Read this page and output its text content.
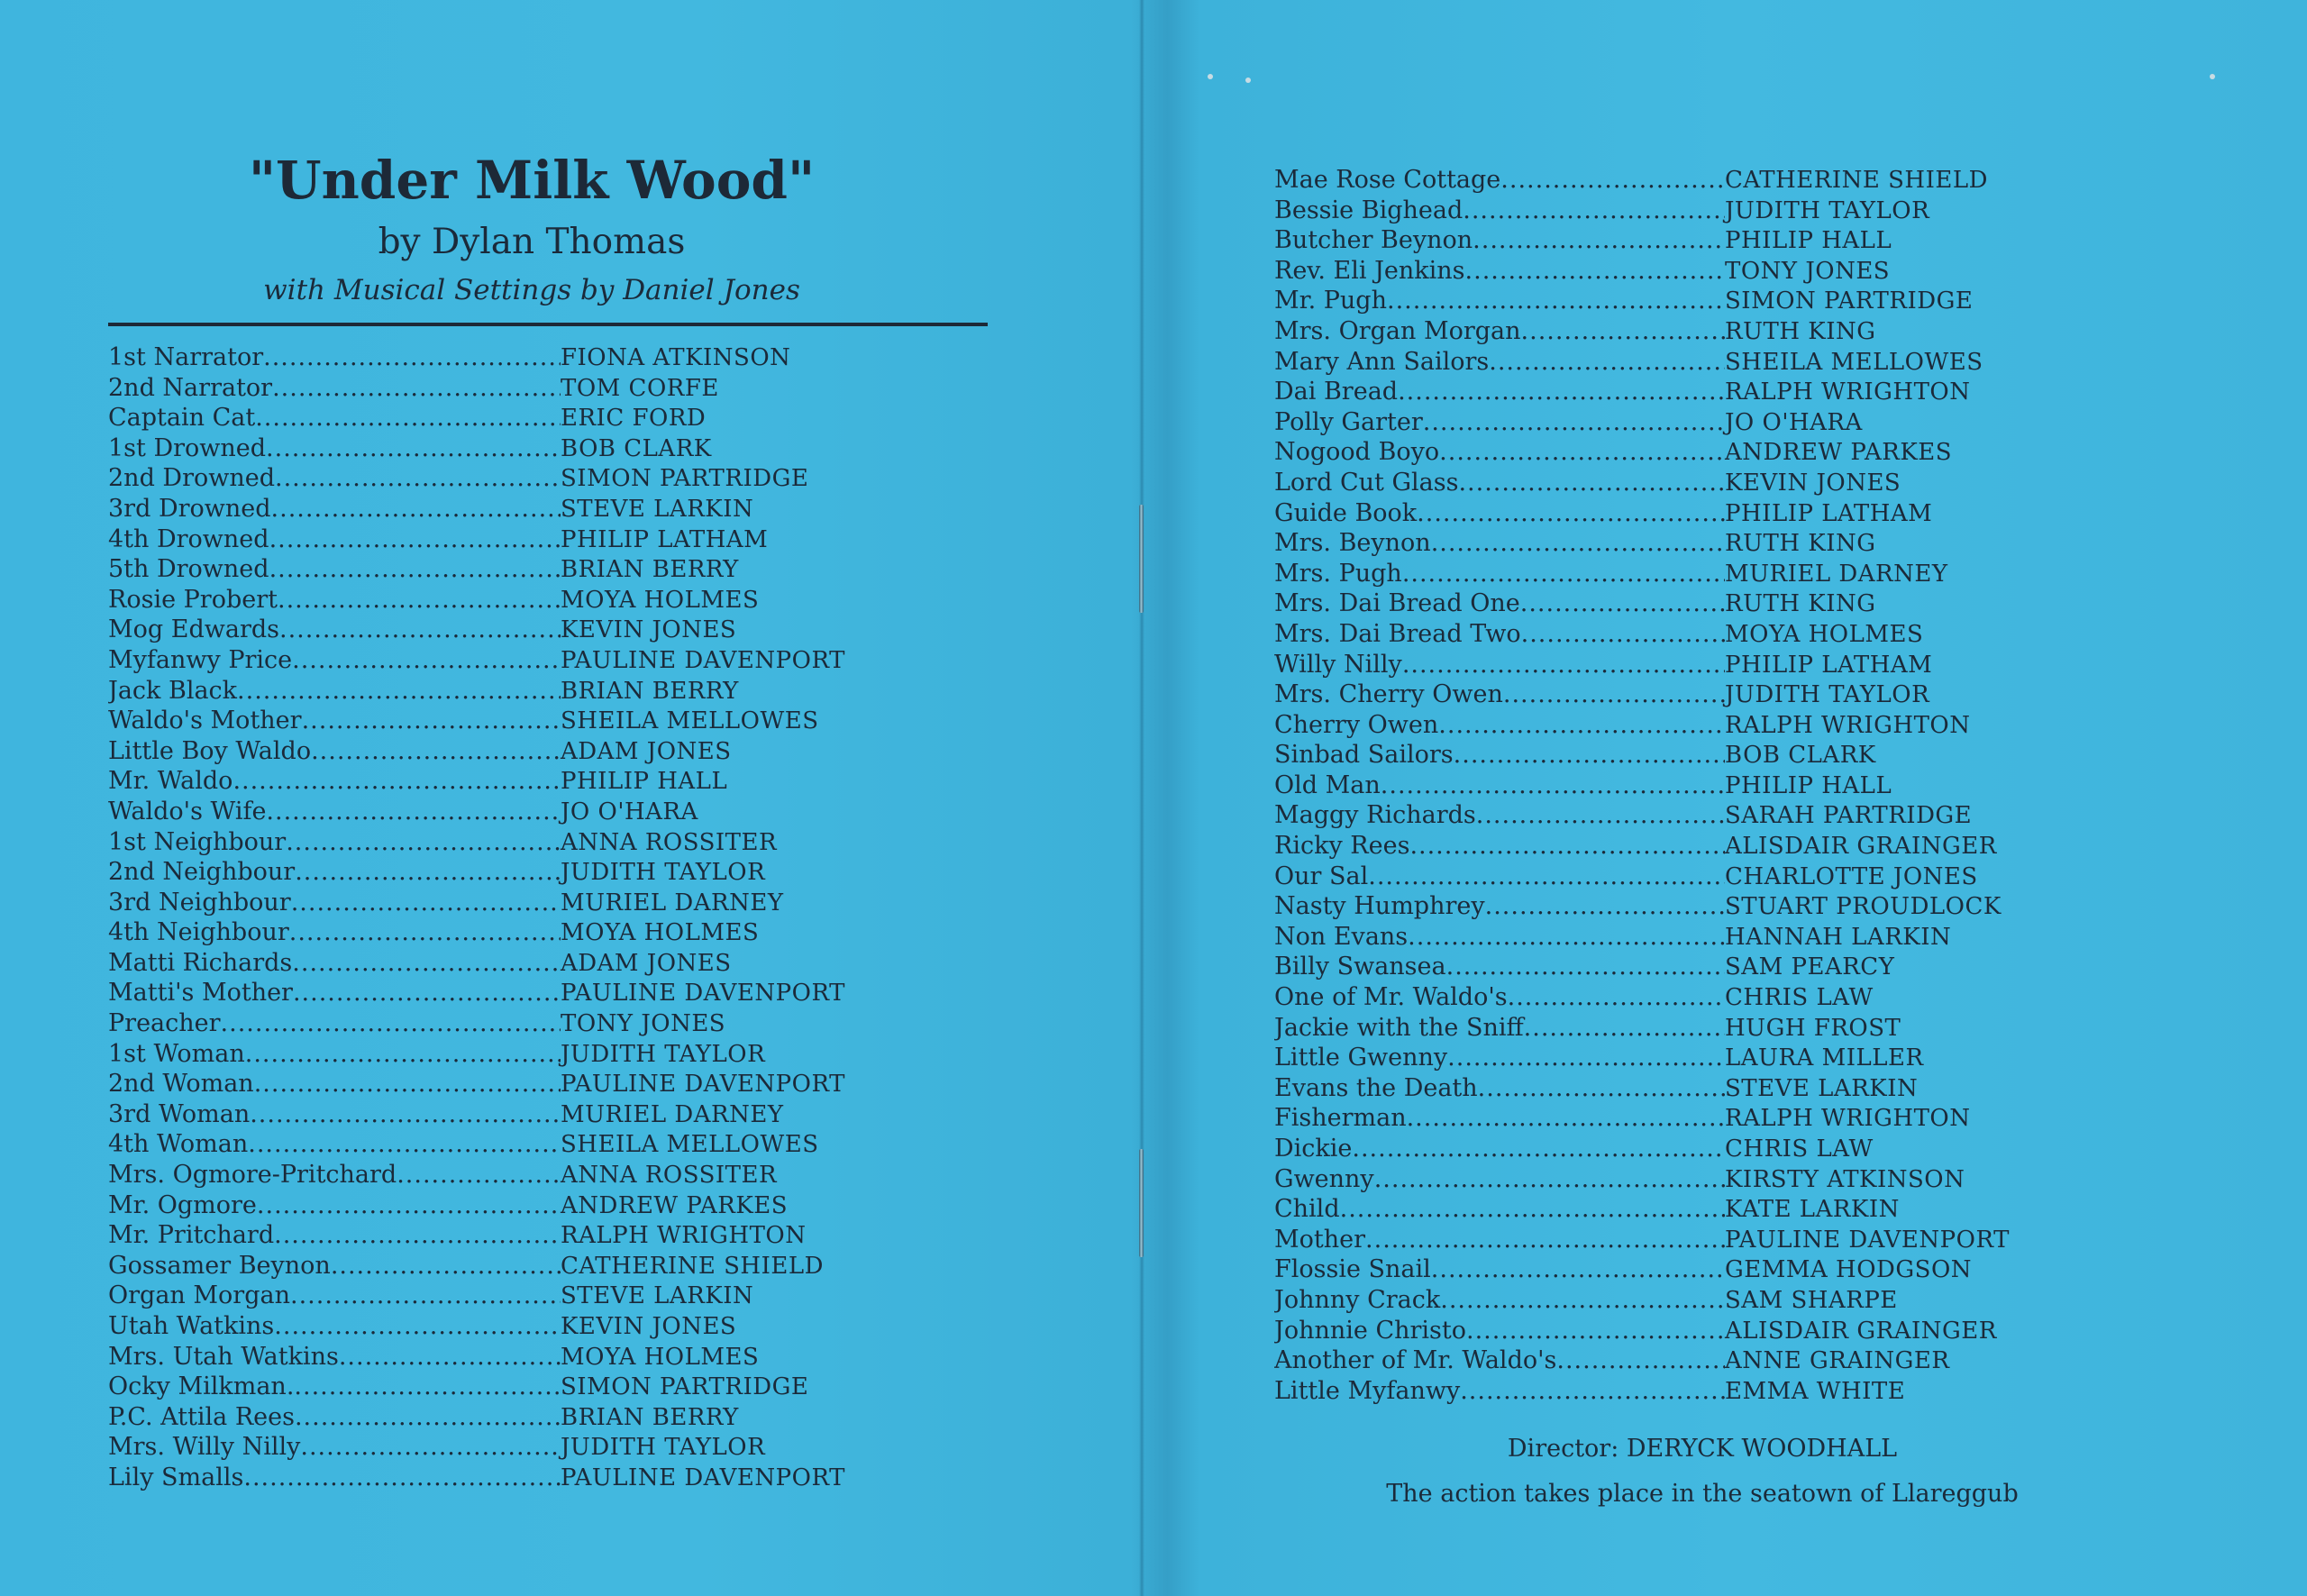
"Under Milk Wood"
by Dylan Thomas
with Musical Settings by Daniel Jones
1st Narrator .....	FIONA ATKINSON
2nd Narrator .....	TOM CORFE
Captain Cat .....	ERIC FORD
1st Drowned .....	BOB CLARK
2nd Drowned .....	SIMON PARTRIDGE
3rd Drowned .....	STEVE LARKIN
4th Drowned .....	PHILIP LATHAM
5th Drowned .....	BRIAN BERRY
Rosie Probert .....	MOYA HOLMES
Mog Edwards .....	KEVIN JONES
Myfanwy Price .....	PAULINE DAVENPORT
Jack Black .....	BRIAN BERRY
Waldo's Mother .....	SHEILA MELLOWES
Little Boy Waldo .....	ADAM JONES
Mr. Waldo .....	PHILIP HALL
Waldo's Wife .....	JO O'HARA
1st Neighbour .....	ANNA ROSSITER
2nd Neighbour .....	JUDITH TAYLOR
3rd Neighbour .....	MURIEL DARNEY
4th Neighbour .....	MOYA HOLMES
Matti Richards .....	ADAM JONES
Matti's Mother .....	PAULINE DAVENPORT
Preacher .....	TONY JONES
1st Woman .....	JUDITH TAYLOR
2nd Woman .....	PAULINE DAVENPORT
3rd Woman .....	MURIEL DARNEY
4th Woman .....	SHEILA MELLOWES
Mrs. Ogmore-Pritchard .....	ANNA ROSSITER
Mr. Ogmore .....	ANDREW PARKES
Mr. Pritchard .....	RALPH WRIGHTON
Gossamer Beynon .....	CATHERINE SHIELD
Organ Morgan .....	STEVE LARKIN
Utah Watkins .....	KEVIN JONES
Mrs. Utah Watkins .....	MOYA HOLMES
Ocky Milkman. .....	SIMON PARTRIDGE
P.C. Attila Rees .....	BRIAN BERRY
Mrs. Willy Nilly .....	JUDITH TAYLOR
Lily Smalls .....	PAULINE DAVENPORT
Mae Rose Cottage .....	CATHERINE SHIELD
Bessie Bighead .....	JUDITH TAYLOR
Butcher Beynon .....	PHILIP HALL
Rev. Eli Jenkins .....	TONY JONES
Mr. Pugh .....	SIMON PARTRIDGE
Mrs. Organ Morgan .....	RUTH KING
Mary Ann Sailors .....	SHEILA MELLOWES
Dai Bread .....	RALPH WRIGHTON
Polly Garter .....	JO O'HARA
Nogood Boyo .....	ANDREW PARKES
Lord Cut Glass .....	KEVIN JONES
Guide Book .....	PHILIP LATHAM
Mrs. Beynon .....	RUTH KING
Mrs. Pugh .....	MURIEL DARNEY
Mrs. Dai Bread One .....	RUTH KING
Mrs. Dai Bread Two .....	MOYA HOLMES
Willy Nilly .....	PHILIP LATHAM
Mrs. Cherry Owen .....	JUDITH TAYLOR
Cherry Owen .....	RALPH WRIGHTON
Sinbad Sailors .....	BOB CLARK
Old Man .....	PHILIP HALL
Maggy Richards .....	SARAH PARTRIDGE
Ricky Rees .....	ALISDAIR GRAINGER
Our Sal .....	CHARLOTTE JONES
Nasty Humphrey .....	STUART PROUDLOCK
Non Evans .....	HANNAH LARKIN
Billy Swansea .....	SAM PEARCY
One of Mr. Waldo's .....	CHRIS LAW
Jackie with the Sniff .....	HUGH FROST
Little Gwenny .....	LAURA MILLER
Evans the Death .....	STEVE LARKIN
Fisherman .....	RALPH WRIGHTON
Dickie .....	CHRIS LAW
Gwenny .....	KIRSTY ATKINSON
Child .....	KATE LARKIN
Mother .....	PAULINE DAVENPORT
Flossie Snail .....	GEMMA HODGSON
Johnny Crack .....	SAM SHARPE
Johnnie Christo .....	ALISDAIR GRAINGER
Another of Mr. Waldo's .....	ANNE GRAINGER
Little Myfanwy .....	EMMA WHITE
Director: DERYCK WOODHALL
The action takes place in the seatown of Llareggub
